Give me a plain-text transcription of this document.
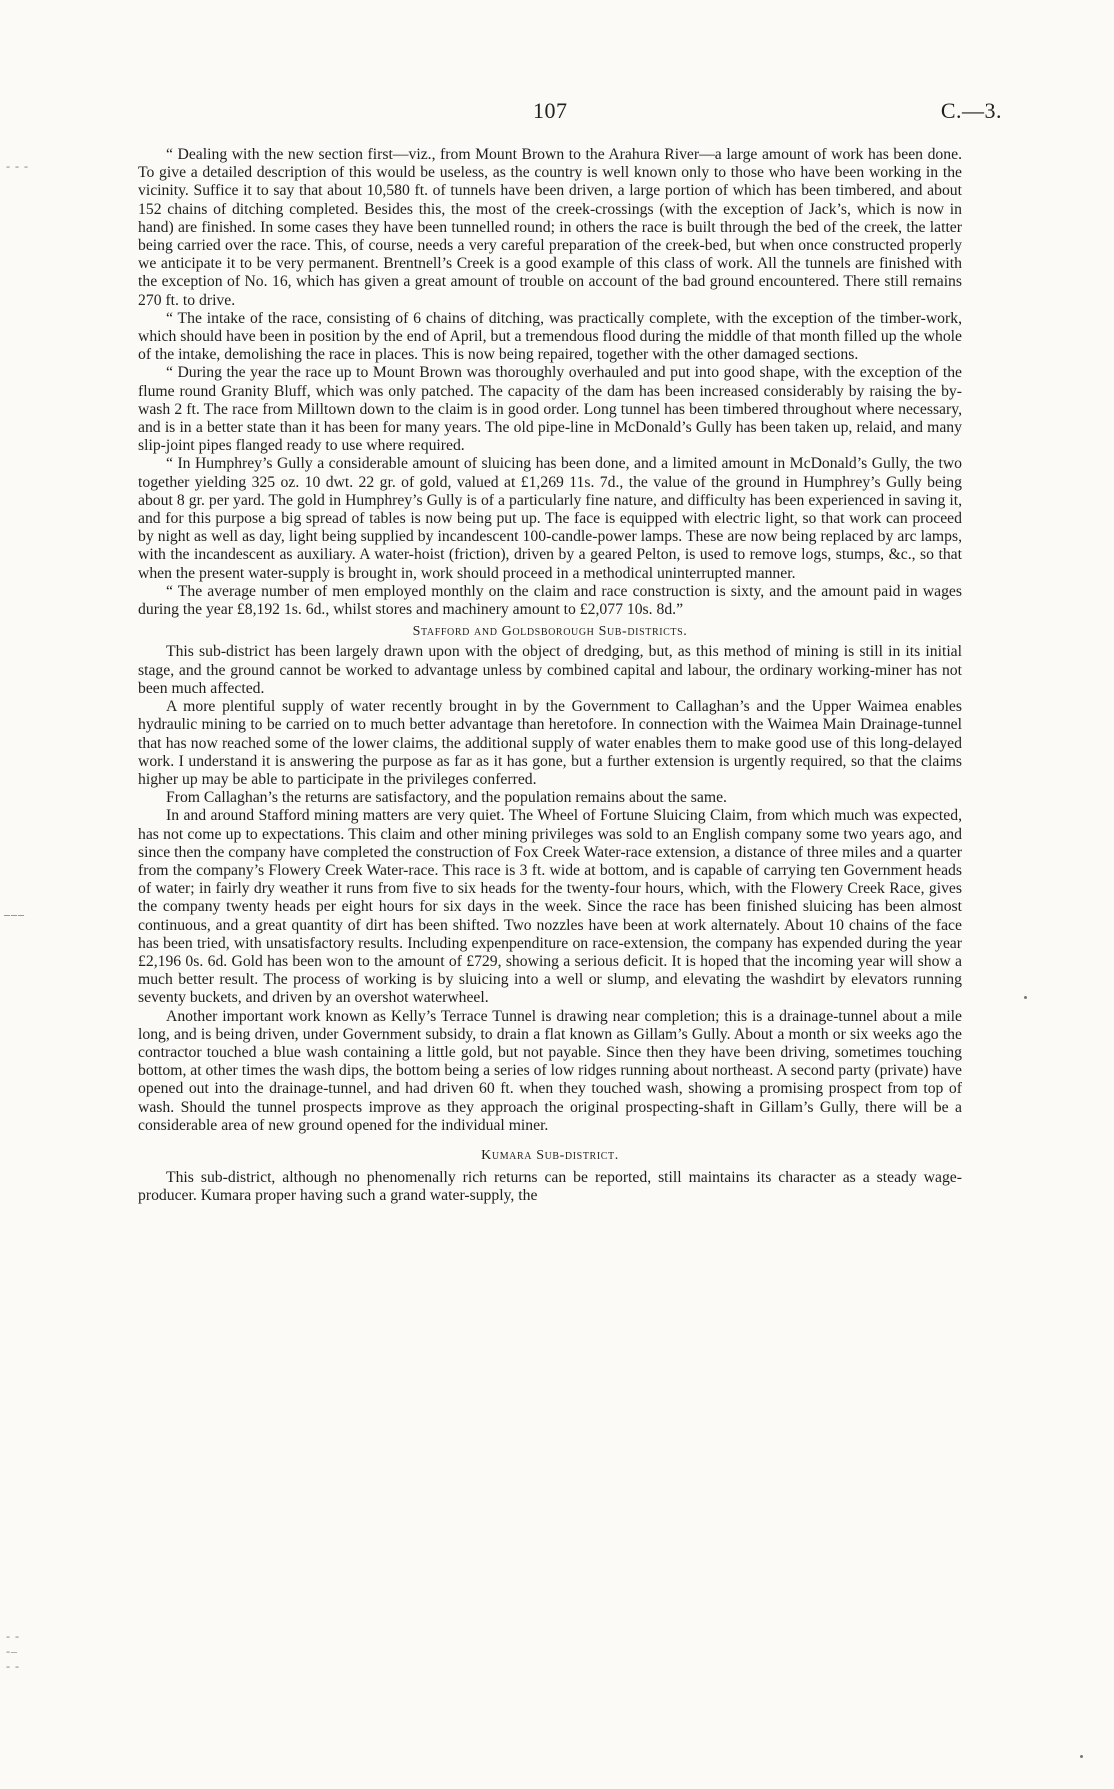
107	C.—3.
- - -
–––
- -
-–
- -

“ Dealing with the new section first—viz., from Mount Brown to the Arahura River—a large amount of work has been done. To give a detailed description of this would be useless, as the country is well known only to those who have been working in the vicinity. Suffice it to say that about 10,580 ft. of tunnels have been driven, a large portion of which has been timbered, and about 152 chains of ditching completed. Besides this, the most of the creek-crossings (with the exception of Jack’s, which is now in hand) are finished. In some cases they have been tunnelled round; in others the race is built through the bed of the creek, the latter being carried over the race. This, of course, needs a very careful preparation of the creek-bed, but when once constructed properly we anticipate it to be very permanent. Brentnell’s Creek is a good example of this class of work. All the tunnels are finished with the exception of No. 16, which has given a great amount of trouble on account of the bad ground encountered. There still remains 270 ft. to drive.

“ The intake of the race, consisting of 6 chains of ditching, was practically complete, with the exception of the timber-work, which should have been in position by the end of April, but a tremendous flood during the middle of that month filled up the whole of the intake, demolishing the race in places. This is now being repaired, together with the other damaged sections.

“ During the year the race up to Mount Brown was thoroughly overhauled and put into good shape, with the exception of the flume round Granity Bluff, which was only patched. The capacity of the dam has been increased considerably by raising the by-wash 2 ft. The race from Milltown down to the claim is in good order. Long tunnel has been timbered throughout where necessary, and is in a better state than it has been for many years. The old pipe-line in McDonald’s Gully has been taken up, relaid, and many slip-joint pipes flanged ready to use where required.

“ In Humphrey’s Gully a considerable amount of sluicing has been done, and a limited amount in McDonald’s Gully, the two together yielding 325 oz. 10 dwt. 22 gr. of gold, valued at £1,269 11s. 7d., the value of the ground in Humphrey’s Gully being about 8 gr. per yard. The gold in Humphrey’s Gully is of a particularly fine nature, and difficulty has been experienced in saving it, and for this purpose a big spread of tables is now being put up. The face is equipped with electric light, so that work can proceed by night as well as day, light being supplied by incandescent 100-candle-power lamps. These are now being replaced by arc lamps, with the incandescent as auxiliary. A water-hoist (friction), driven by a geared Pelton, is used to remove logs, stumps, &c., so that when the present water-supply is brought in, work should proceed in a methodical uninterrupted manner.

“ The average number of men employed monthly on the claim and race construction is sixty, and the amount paid in wages during the year £8,192 1s. 6d., whilst stores and machinery amount to £2,077 10s. 8d.”

Stafford and Goldsborough Sub-districts.

This sub-district has been largely drawn upon with the object of dredging, but, as this method of mining is still in its initial stage, and the ground cannot be worked to advantage unless by combined capital and labour, the ordinary working-miner has not been much affected.

A more plentiful supply of water recently brought in by the Government to Callaghan’s and the Upper Waimea enables hydraulic mining to be carried on to much better advantage than heretofore. In connection with the Waimea Main Drainage-tunnel that has now reached some of the lower claims, the additional supply of water enables them to make good use of this long-delayed work. I understand it is answering the purpose as far as it has gone, but a further extension is urgently required, so that the claims higher up may be able to participate in the privileges conferred.

From Callaghan’s the returns are satisfactory, and the population remains about the same.

In and around Stafford mining matters are very quiet. The Wheel of Fortune Sluicing Claim, from which much was expected, has not come up to expectations. This claim and other mining privileges was sold to an English company some two years ago, and since then the company have completed the construction of Fox Creek Water-race extension, a distance of three miles and a quarter from the company’s Flowery Creek Water-race. This race is 3 ft. wide at bottom, and is capable of carrying ten Government heads of water; in fairly dry weather it runs from five to six heads for the twenty-four hours, which, with the Flowery Creek Race, gives the company twenty heads per eight hours for six days in the week. Since the race has been finished sluicing has been almost continuous, and a great quantity of dirt has been shifted. Two nozzles have been at work alternately. About 10 chains of the face has been tried, with unsatisfactory results. Including expenpenditure on race-extension, the company has expended during the year £2,196 0s. 6d. Gold has been won to the amount of £729, showing a serious deficit. It is hoped that the incoming year will show a much better result. The process of working is by sluicing into a well or slump, and elevating the washdirt by elevators running seventy buckets, and driven by an overshot waterwheel.

Another important work known as Kelly’s Terrace Tunnel is drawing near completion; this is a drainage-tunnel about a mile long, and is being driven, under Government subsidy, to drain a flat known as Gillam’s Gully. About a month or six weeks ago the contractor touched a blue wash containing a little gold, but not payable. Since then they have been driving, sometimes touching bottom, at other times the wash dips, the bottom being a series of low ridges running about northeast. A second party (private) have opened out into the drainage-tunnel, and had driven 60 ft. when they touched wash, showing a promising prospect from top of wash. Should the tunnel prospects improve as they approach the original prospecting-shaft in Gillam’s Gully, there will be a considerable area of new ground opened for the individual miner.

Kumara Sub-district.

This sub-district, although no phenomenally rich returns can be reported, still maintains its character as a steady wage-producer. Kumara proper having such a grand water-supply, the
